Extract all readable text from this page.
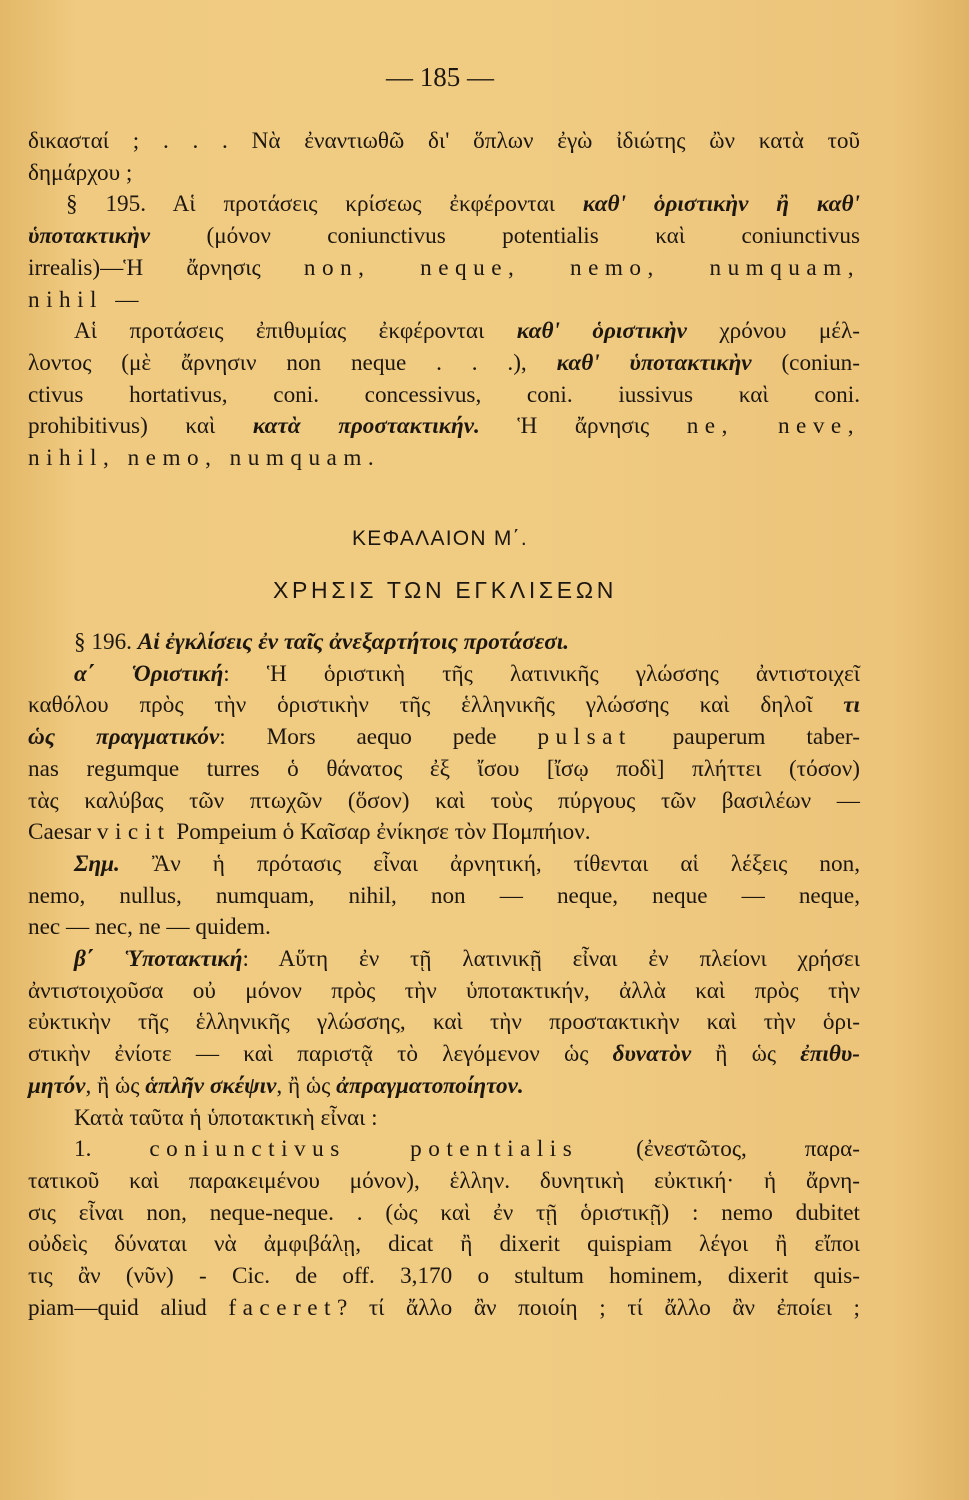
— 185 —
δικασταί ; . . . Νὰ ἐναντιωθῶ δι' ὅπλων ἐγὼ ἰδιώτης ὢν κατὰ τοῦ
δημάρχου ;
§ 195. Αἱ προτάσεις κρίσεως ἐκφέρονται καθ' ὁριστικὴν ἢ καθ'
ὑποτακτικὴν (μόνον coniunctivus potentialis καὶ coniunctivus
irrealis)—Ἡ ἄρνησις non, neque, nemo, numquam,
nihil —
Αἱ προτάσεις ἐπιθυμίας ἐκφέρονται καθ' ὁριστικὴν χρόνου μέλ-
λοντος (μὲ ἄρνησιν non neque . . .), καθ' ὑποτακτικὴν (coniun-
ctivus hortativus, coni. concessivus, coni. iussivus καὶ coni.
prohibitivus) καὶ κατὰ προστακτικήν. Ἡ ἄρνησις ne, neve,
nihil, nemo, numquam.
ΚΕΦΑΛΑΙΟΝ Μ΄.
ΧΡΗΣΙΣ ΤΩΝ ΕΓΚΛΙΣΕΩΝ
§ 196. Αἱ ἐγκλίσεις ἐν ταῖς ἀνεξαρτήτοις προτάσεσι.
α΄ Ὁριστική: Ἡ ὁριστικὴ τῆς λατινικῆς γλώσσης ἀντιστοιχεῖ
καθόλου πρὸς τὴν ὁριστικὴν τῆς ἑλληνικῆς γλώσσης καὶ δηλοῖ τι
ὡς πραγματικόν: Mors aequo pede pulsat pauperum taber-
nas regumque turres ὁ θάνατος ἐξ ἴσου [ἴσῳ ποδὶ] πλήττει (τόσον)
τὰς καλύβας τῶν πτωχῶν (ὅσον) καὶ τοὺς πύργους τῶν βασιλέων —
Caesar vicit Pompeium ὁ Καῖσαρ ἐνίκησε τὸν Πομπήιον.
Σημ. Ἂν ἡ πρότασις εἶναι ἀρνητική, τίθενται αἱ λέξεις non,
nemo, nullus, numquam, nihil, non — neque, neque — neque,
nec — nec, ne — quidem.
β΄ Ὑποτακτική: Αὕτη ἐν τῇ λατινικῇ εἶναι ἐν πλείονι χρήσει
ἀντιστοιχοῦσα οὐ μόνον πρὸς τὴν ὑποτακτικήν, ἀλλὰ καὶ πρὸς τὴν
εὐκτικὴν τῆς ἑλληνικῆς γλώσσης, καὶ τὴν προστακτικὴν καὶ τὴν ὁρι-
στικὴν ἐνίοτε — καὶ παριστᾷ τὸ λεγόμενον ὡς δυνατὸν ἢ ὡς ἐπιθυ-
μητόν, ἢ ὡς ἁπλῆν σκέψιν, ἢ ὡς ἀπραγματοποίητον.
Κατὰ ταῦτα ἡ ὑποτακτικὴ εἶναι :
1. coniunctivus potentialis (ἐνεστῶτος, παρα-
τατικοῦ καὶ παρακειμένου μόνον), ἑλλην. δυνητικὴ εὐκτική· ἡ ἄρνη-
σις εἶναι non, neque-neque. . (ὡς καὶ ἐν τῇ ὁριστικῇ) : nemo dubitet
οὐδεὶς δύναται νὰ ἀμφιβάλῃ, dicat ἢ dixerit quispiam λέγοι ἢ εἴποι
τις ἂν (νῦν) - Cic. de off. 3,170 o stultum hominem, dixerit quis-
piam—quid aliud faceret? τί ἄλλο ἂν ποιοίη ; τί ἄλλο ἂν ἐποίει ;
